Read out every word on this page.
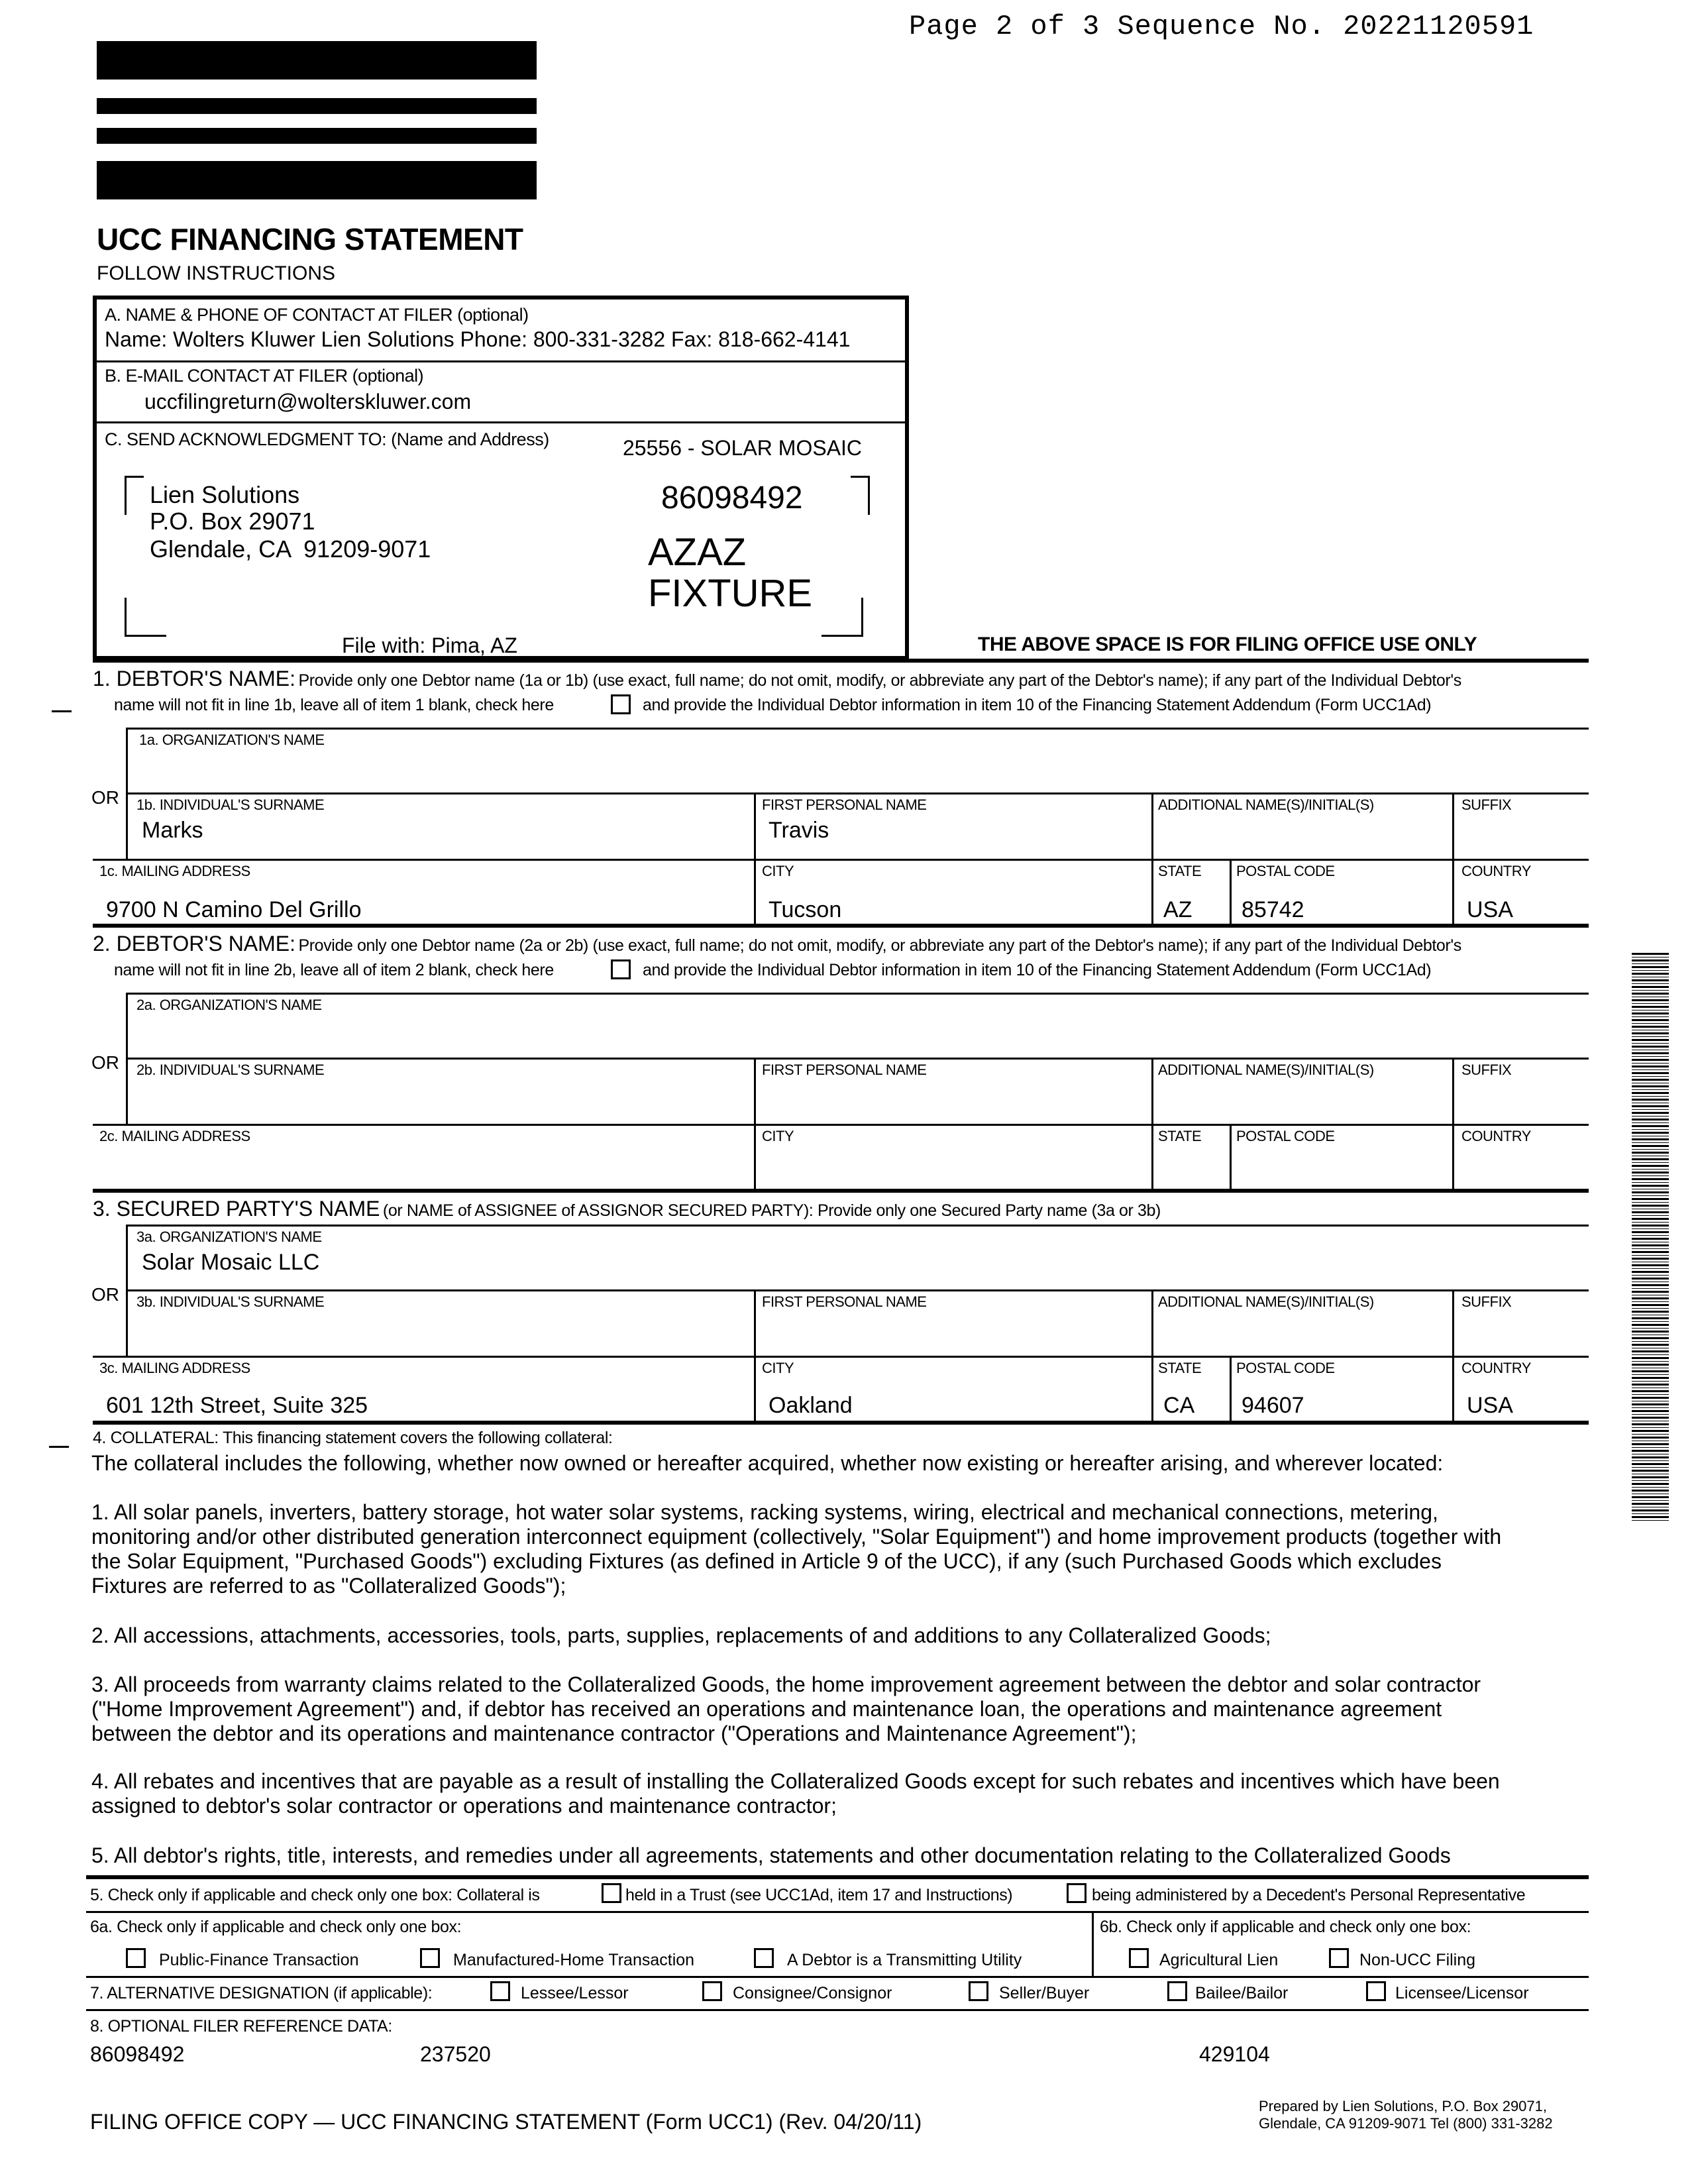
Page 2 of 3 Sequence No. 20221120591
UCC FINANCING STATEMENT
FOLLOW INSTRUCTIONS
A. NAME & PHONE OF CONTACT AT FILER (optional)
Name: Wolters Kluwer Lien Solutions Phone: 800-331-3282 Fax: 818-662-4141
B. E-MAIL CONTACT AT FILER (optional)
uccfilingreturn@wolterskluwer.com
C. SEND ACKNOWLEDGMENT TO: (Name and Address)	25556 - SOLAR MOSAIC
Lien Solutions
P.O. Box 29071
Glendale, CA  91209-9071
86098492
AZAZ
FIXTURE
File with: Pima, AZ	THE ABOVE SPACE IS FOR FILING OFFICE USE ONLY
1. DEBTOR'S NAME: Provide only one Debtor name (1a or 1b) (use exact, full name; do not omit, modify, or abbreviate any part of the Debtor's name); if any part of the Individual Debtor's
name will not fit in line 1b, leave all of item 1 blank, check here	and provide the Individual Debtor information in item 10 of the Financing Statement Addendum (Form UCC1Ad)
1a. ORGANIZATION'S NAME
OR 1b. INDIVIDUAL'S SURNAME
Marks
FIRST PERSONAL NAME
Travis
ADDITIONAL NAME(S)/INITIAL(S)	SUFFIX
1c. MAILING ADDRESS
9700 N Camino Del Grillo
CITY
Tucson
STATE
AZ
POSTAL CODE
85742
COUNTRY
USA
2. DEBTOR'S NAME: Provide only one Debtor name (2a or 2b) (use exact, full name; do not omit, modify, or abbreviate any part of the Debtor's name); if any part of the Individual Debtor's
name will not fit in line 2b, leave all of item 2 blank, check here	and provide the Individual Debtor information in item 10 of the Financing Statement Addendum (Form UCC1Ad)
2a. ORGANIZATION'S NAME
OR 2b. INDIVIDUAL'S SURNAME	FIRST PERSONAL NAME	ADDITIONAL NAME(S)/INITIAL(S)	SUFFIX
2c. MAILING ADDRESS	CITY	STATE POSTAL CODE	COUNTRY
3. SECURED PARTY'S NAME (or NAME of ASSIGNEE of ASSIGNOR SECURED PARTY): Provide only one Secured Party name (3a or 3b)
3a. ORGANIZATION'S NAME
Solar Mosaic LLC
OR 3b. INDIVIDUAL'S SURNAME	FIRST PERSONAL NAME	ADDITIONAL NAME(S)/INITIAL(S)	SUFFIX
3c. MAILING ADDRESS
601 12th Street, Suite 325
CITY
Oakland
STATE
CA
POSTAL CODE
94607
COUNTRY
USA
4. COLLATERAL: This financing statement covers the following collateral:

The collateral includes the following, whether now owned or hereafter acquired, whether now existing or hereafter arising, and wherever located:

1. All solar panels, inverters, battery storage, hot water solar systems, racking systems, wiring, electrical and mechanical connections, metering,

monitoring and/or other distributed generation interconnect equipment (collectively, "Solar Equipment") and home improvement products (together with

the Solar Equipment, "Purchased Goods") excluding Fixtures (as defined in Article 9 of the UCC), if any (such Purchased Goods which excludes

Fixtures are referred to as "Collateralized Goods");

2. All accessions, attachments, accessories, tools, parts, supplies, replacements of and additions to any Collateralized Goods;

3. All proceeds from warranty claims related to the Collateralized Goods, the home improvement agreement between the debtor and solar contractor

("Home Improvement Agreement") and, if debtor has received an operations and maintenance loan, the operations and maintenance agreement

between the debtor and its operations and maintenance contractor ("Operations and Maintenance Agreement");

4. All rebates and incentives that are payable as a result of installing the Collateralized Goods except for such rebates and incentives which have been

assigned to debtor's solar contractor or operations and maintenance contractor;

5. All debtor's rights, title, interests, and remedies under all agreements, statements and other documentation relating to the Collateralized Goods

5. Check only if applicable and check only one box: Collateral is	held in a Trust (see UCC1Ad, item 17 and Instructions)	being administered by a Decedent's Personal Representative
6a. Check only if applicable and check only one box:
Public-Finance Transaction	Manufactured-Home Transaction	A Debtor is a Transmitting Utility
6b. Check only if applicable and check only one box:
Agricultural Lien	Non-UCC Filing
7. ALTERNATIVE DESIGNATION (if applicable):	Lessee/Lessor	Consignee/Consignor	Seller/Buyer	Bailee/Bailor	Licensee/Licensor
8. OPTIONAL FILER REFERENCE DATA:
86098492	237520	429104
FILING OFFICE COPY — UCC FINANCING STATEMENT (Form UCC1) (Rev. 04/20/11)
Prepared by Lien Solutions, P.O. Box 29071,
Glendale, CA 91209-9071 Tel (800) 331-3282
